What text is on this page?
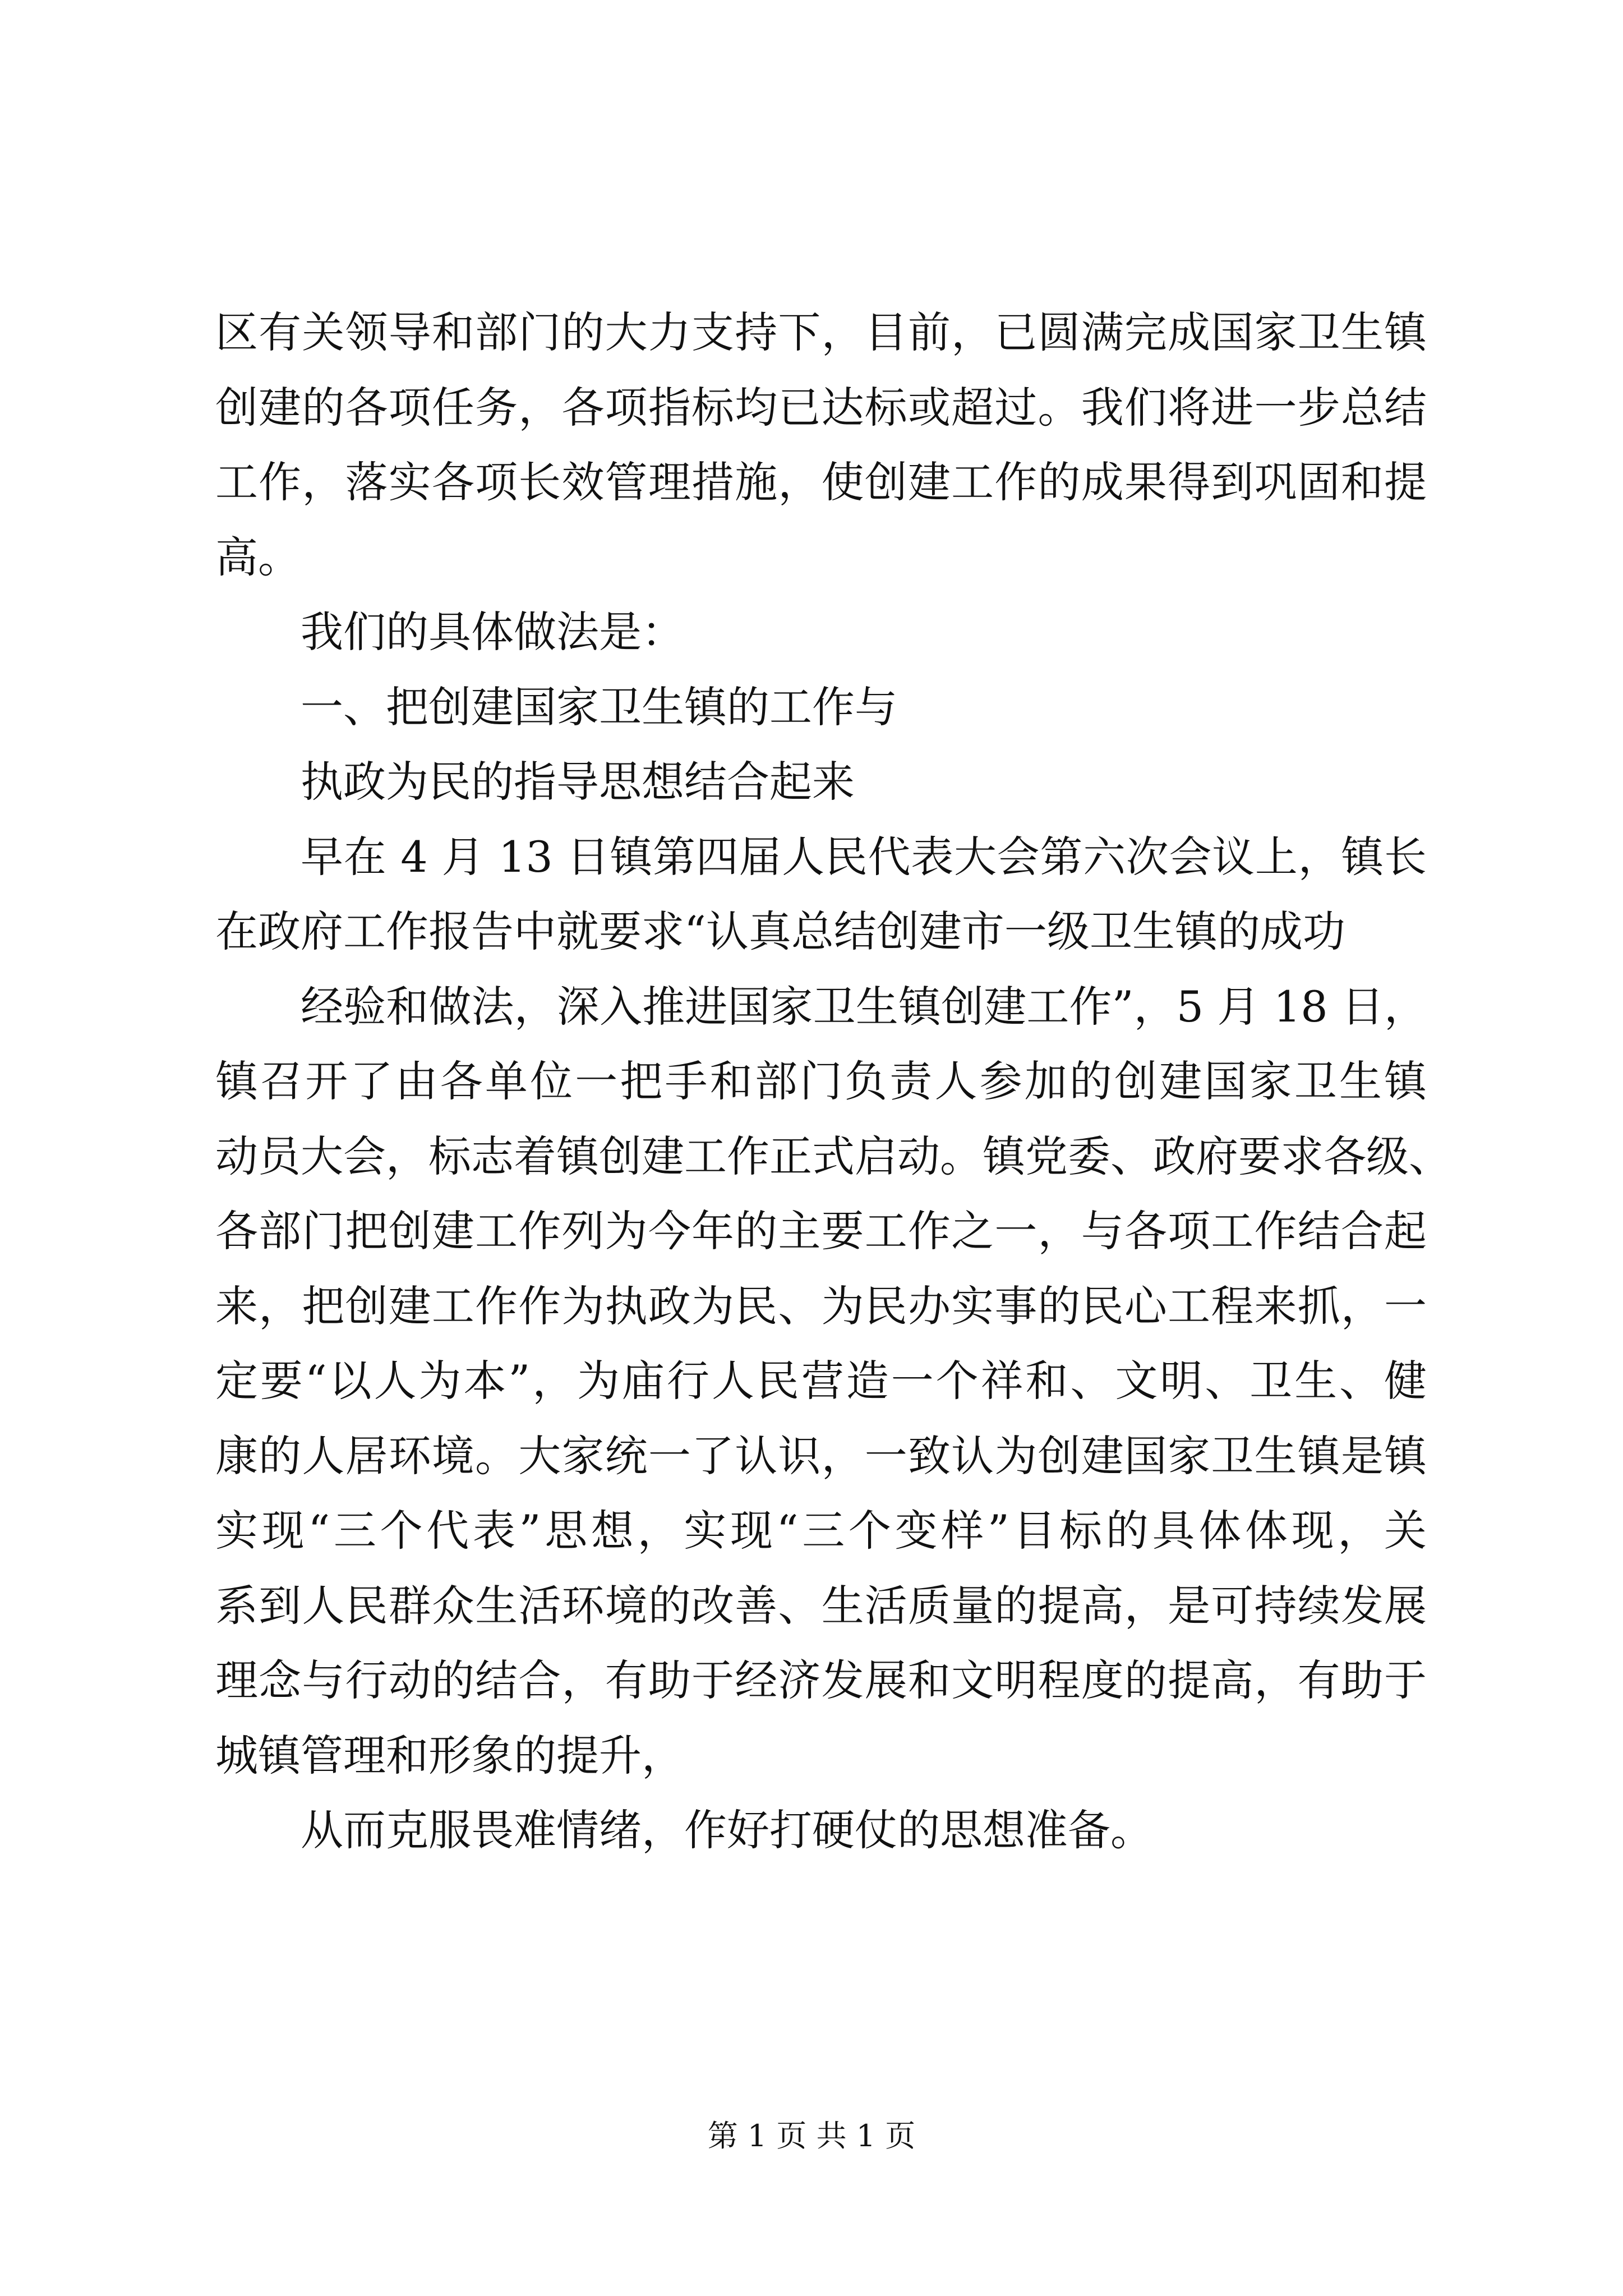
区有关领导和部门的大力支持下，目前，已圆满完成国家卫生镇
创建的各项任务，各项指标均已达标或超过。我们将进一步总结
工作，落实各项长效管理措施，使创建工作的成果得到巩固和提
高。
我们的具体做法是：
一、把创建国家卫生镇的工作与
执政为民的指导思想结合起来
早在 4 月 13 日镇第四届人民代表大会第六次会议上，镇长
在政府工作报告中就要求“认真总结创建市一级卫生镇的成功
经验和做法，深入推进国家卫生镇创建工作”，5 月 18 日，
镇召开了由各单位一把手和部门负责人参加的创建国家卫生镇
动员大会，标志着镇创建工作正式启动。镇党委、政府要求各级、
各部门把创建工作列为今年的主要工作之一，与各项工作结合起
来，把创建工作作为执政为民、为民办实事的民心工程来抓，一
定要“以人为本”，为庙行人民营造一个祥和、文明、卫生、健
康的人居环境。大家统一了认识，一致认为创建国家卫生镇是镇
实现“三个代表”思想，实现“三个变样”目标的具体体现，关
系到人民群众生活环境的改善、生活质量的提高，是可持续发展
理念与行动的结合，有助于经济发展和文明程度的提高，有助于
城镇管理和形象的提升，
从而克服畏难情绪，作好打硬仗的思想准备。
第 1 页 共 1 页
